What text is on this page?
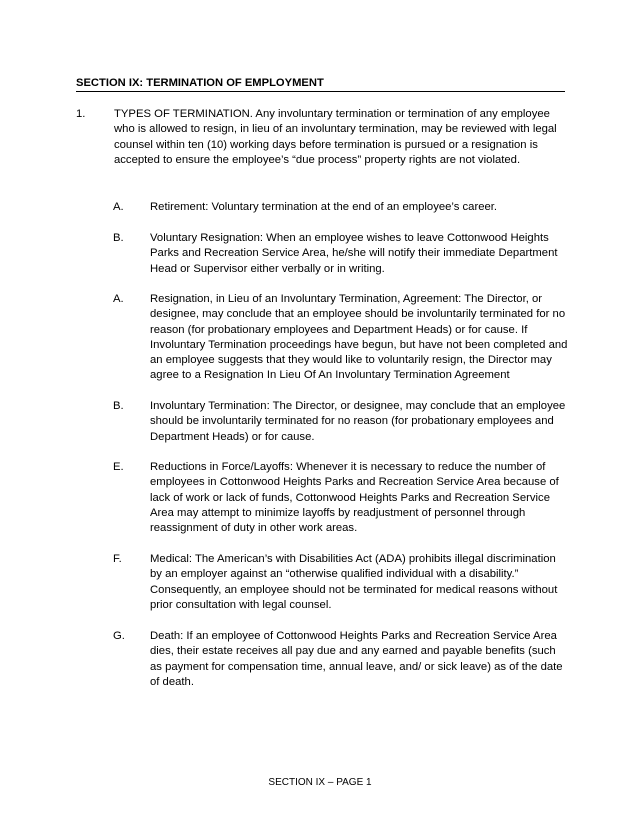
SECTION IX: TERMINATION OF EMPLOYMENT
1.	TYPES OF TERMINATION. Any involuntary termination or termination of any employee who is allowed to resign, in lieu of an involuntary termination, may be reviewed with legal counsel within ten (10) working days before termination is pursued or a resignation is accepted to ensure the employee’s “due process” property rights are not violated.
A. Retirement: Voluntary termination at the end of an employee’s career.
B. Voluntary Resignation: When an employee wishes to leave Cottonwood Heights Parks and Recreation Service Area, he/she will notify their immediate Department Head or Supervisor either verbally or in writing.
A. Resignation, in Lieu of an Involuntary Termination, Agreement: The Director, or designee, may conclude that an employee should be involuntarily terminated for no reason (for probationary employees and Department Heads) or for cause. If Involuntary Termination proceedings have begun, but have not been completed and an employee suggests that they would like to voluntarily resign, the Director may agree to a Resignation In Lieu Of An Involuntary Termination Agreement
B. Involuntary Termination: The Director, or designee, may conclude that an employee should be involuntarily terminated for no reason (for probationary employees and Department Heads) or for cause.
E. Reductions in Force/Layoffs: Whenever it is necessary to reduce the number of employees in Cottonwood Heights Parks and Recreation Service Area because of lack of work or lack of funds, Cottonwood Heights Parks and Recreation Service Area may attempt to minimize layoffs by readjustment of personnel through reassignment of duty in other work areas.
F. Medical: The American’s with Disabilities Act (ADA) prohibits illegal discrimination by an employer against an “otherwise qualified individual with a disability.” Consequently, an employee should not be terminated for medical reasons without prior consultation with legal counsel.
G. Death: If an employee of Cottonwood Heights Parks and Recreation Service Area dies, their estate receives all pay due and any earned and payable benefits (such as payment for compensation time, annual leave, and/ or sick leave) as of the date of death.
SECTION IX – PAGE 1
